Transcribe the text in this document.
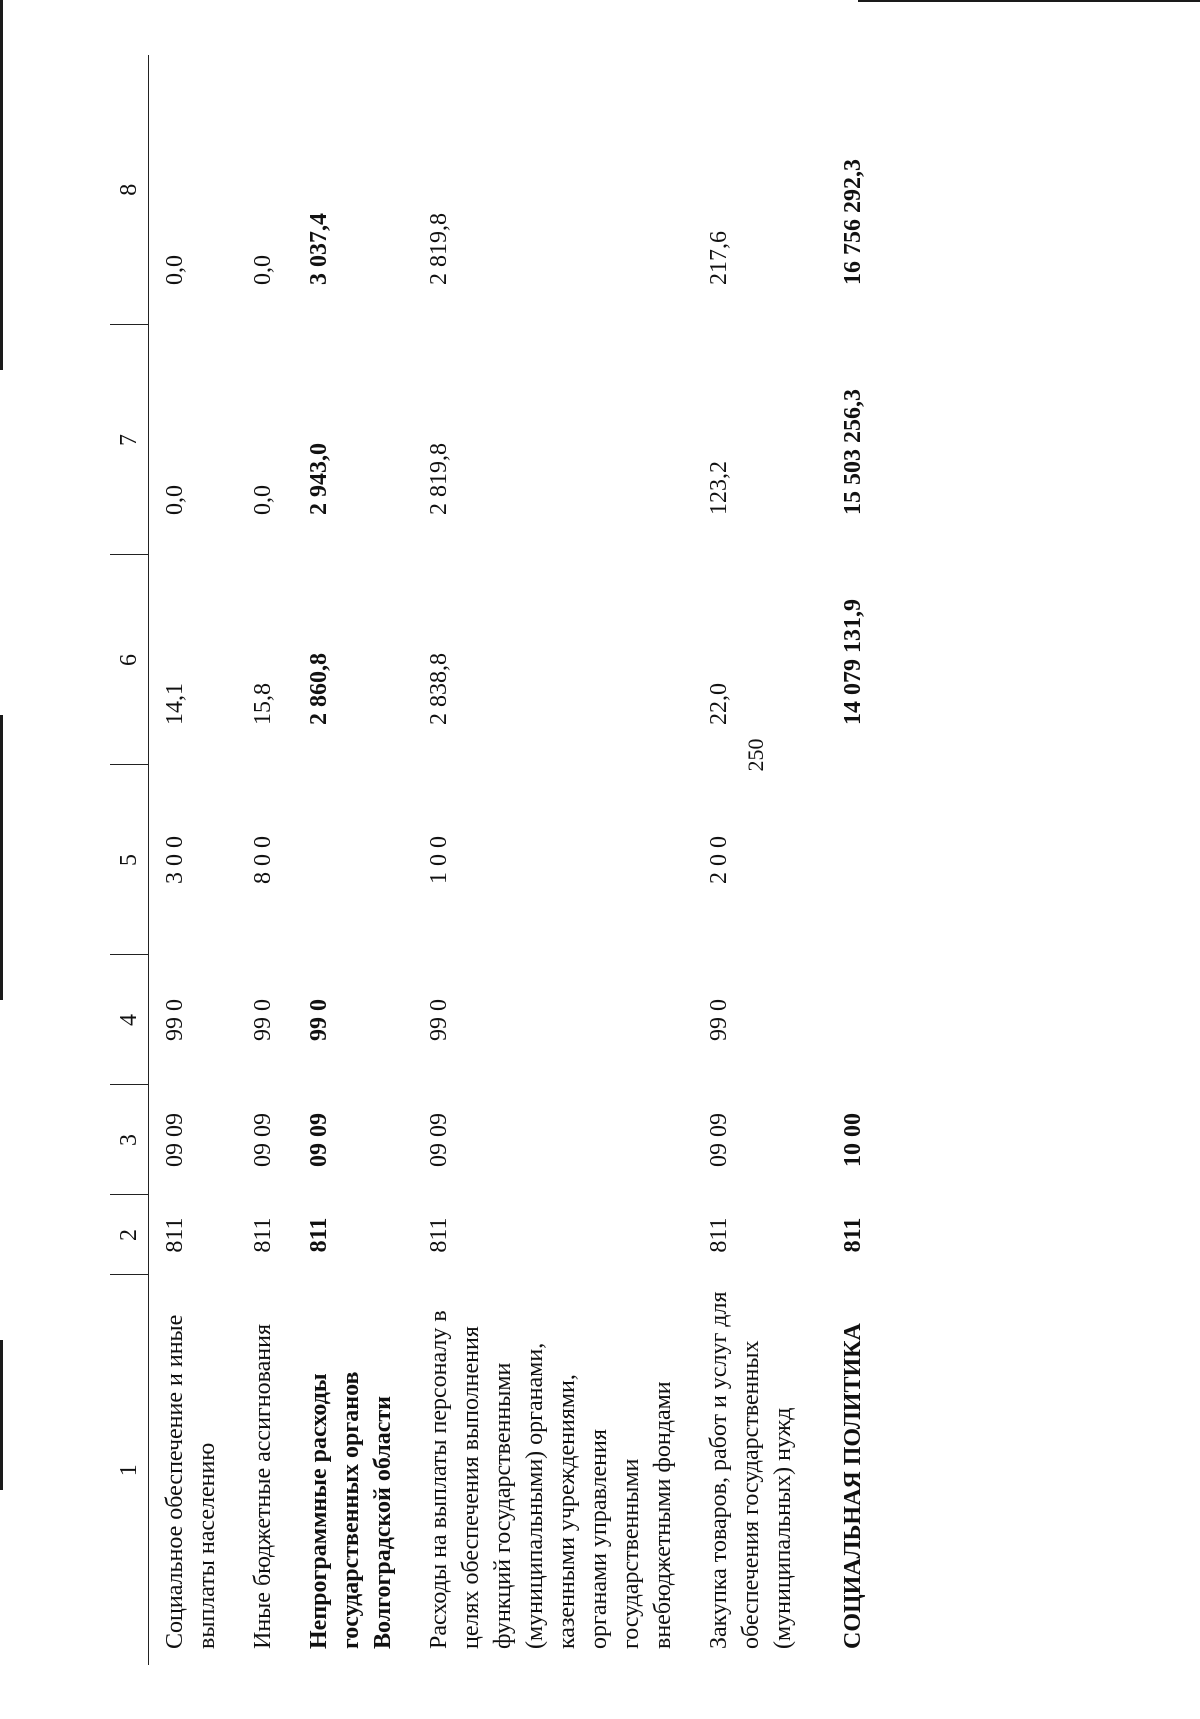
250
1	2	3	4	5	6	7	8
Социальное обеспечение и иные выплаты населению	811	09 09	99 0	3 0 0	14,1	0,0	0,0
Иные бюджетные ассигнования	811	09 09	99 0	8 0 0	15,8	0,0	0,0
Непрограммные расходы государственных органов Волгоградской области	811	09 09	99 0		2 860,8	2 943,0	3 037,4
Расходы на выплаты персоналу в целях обеспечения выполнения функций государственными (муниципальными) органами, казенными учреждениями, органами управления государственными внебюджетными фондами	811	09 09	99 0	1 0 0	2 838,8	2 819,8	2 819,8
Закупка товаров, работ и услуг для обеспечения государственных (муниципальных) нужд	811	09 09	99 0	2 0 0	22,0	123,2	217,6
СОЦИАЛЬНАЯ ПОЛИТИКА	811	10 00			14 079 131,9	15 503 256,3	16 756 292,3
